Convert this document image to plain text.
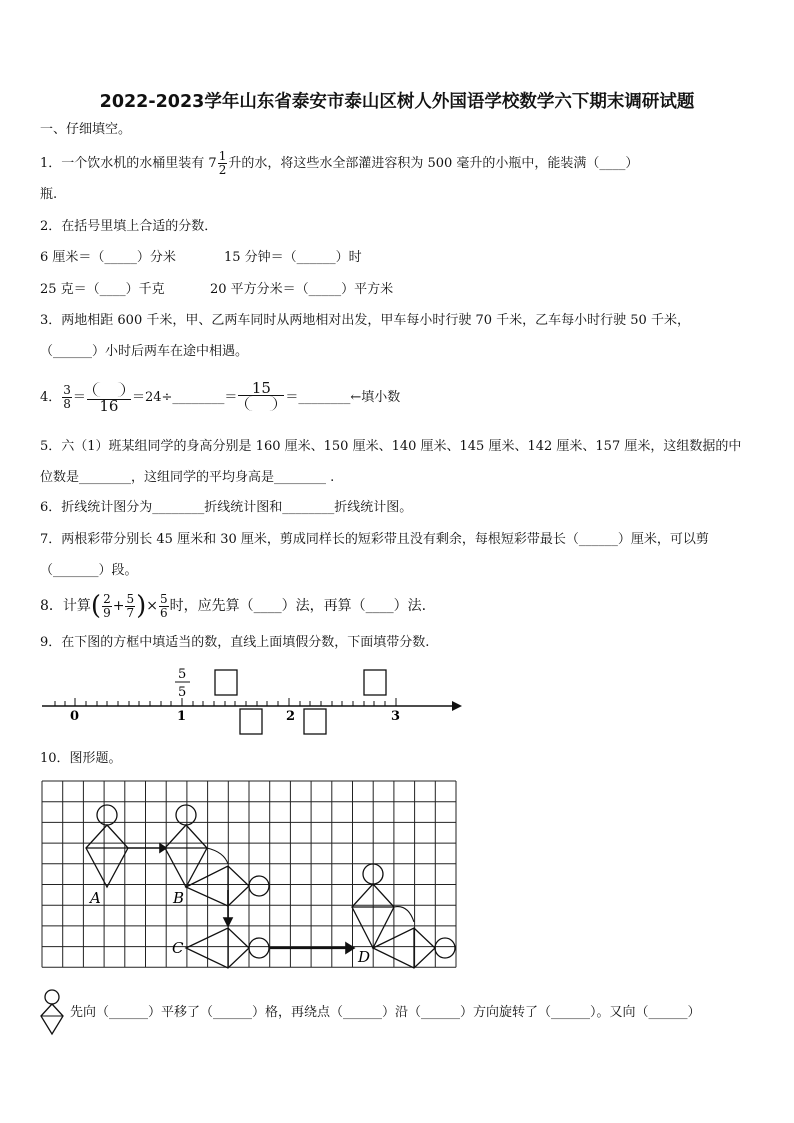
2022-2023学年山东省泰安市泰山区树人外国语学校数学六下期末调研试题
一、仔细填空。
1．一个饮水机的水桶里装有 $7 \frac{1}{2}$ 升的水，将这些水全部灌进容积为 500 毫升的小瓶中，能装满（____）
瓶.
2．在括号里填上合适的分数．
6 厘米＝（_____）分米	15 分钟＝（______）时
25 克＝（____）千克	20 平方分米＝（_____）平方米
3．两地相距 600 千米，甲、乙两车同时从两地相对出发，甲车每小时行驶 70 千米，乙车每小时行驶 50 千米，
（______）小时后两车在途中相遇。
4． $\frac{3}{8} = 16$	＝24÷________＝
15
＝________←填小数
5．六（1）班某组同学的身高分别是 160 厘米、150 厘米、140 厘米、145 厘米、142 厘米、157 厘米，这组数据的中
位数是________，这组同学的平均身高是________ .
6．折线统计图分为________折线统计图和________折线统计图。
7．两根彩带分别长 45 厘米和 30 厘米，剪成同样长的短彩带且没有剩余，每根短彩带最长（______）厘米，可以剪
（_______）段。
8．计算( $\frac{2}{9} + \frac{5}{7}$ )× $\frac{5}{6}$ 时，应先算（____）法，再算（____）法.
9．在下图的方框中填适当的数，直线上面填假分数，下面填带分数.
0	1	2	3
5
5
10．图形题。
A	B
C	D
先向（______）平移了（______）格，再绕点（______）沿（______）方向旋转了（______）。又向（______）
